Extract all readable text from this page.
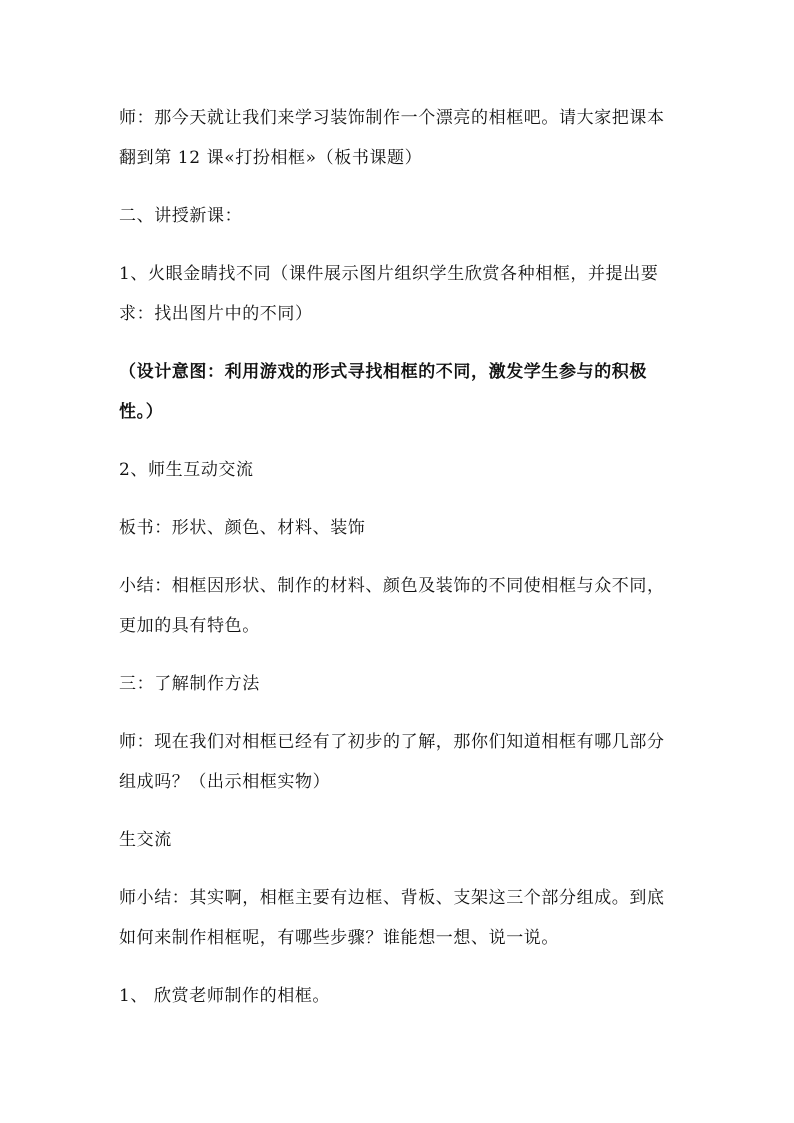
师：那今天就让我们来学习装饰制作一个漂亮的相框吧。请大家把课本翻到第 12 课«打扮相框»（板书课题）

二、讲授新课：

1、火眼金睛找不同（课件展示图片组织学生欣赏各种相框，并提出要求：找出图片中的不同）

（设计意图：利用游戏的形式寻找相框的不同，激发学生参与的积极性。）

2、师生互动交流

板书：形状、颜色、材料、装饰

小结：相框因形状、制作的材料、颜色及装饰的不同使相框与众不同，更加的具有特色。

三：了解制作方法

师：现在我们对相框已经有了初步的了解，那你们知道相框有哪几部分组成吗？（出示相框实物）

生交流

师小结：其实啊，相框主要有边框、背板、支架这三个部分组成。到底如何来制作相框呢，有哪些步骤？谁能想一想、说一说。

1、 欣赏老师制作的相框。
